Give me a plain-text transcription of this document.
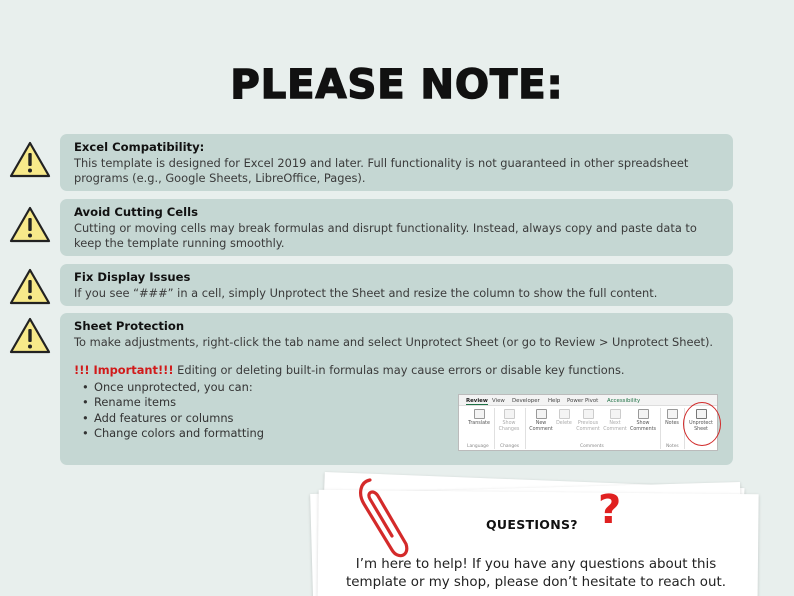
PLEASE NOTE:
Excel Compatibility:
This template is designed for Excel 2019 and later. Full functionality is not guaranteed in other spreadsheet programs (e.g., Google Sheets, LibreOffice, Pages).
Avoid Cutting Cells
Cutting or moving cells may break formulas and disrupt functionality. Instead, always copy and paste data to keep the template running smoothly.
Fix Display Issues
If you see “###” in a cell, simply Unprotect the Sheet and resize the column to show the full content.
Sheet Protection
To make adjustments, right-click the tab name and select Unprotect Sheet (or go to Review > Unprotect Sheet).
!!! Important!!! Editing or deleting built-in formulas may cause errors or disable key functions.
• Once unprotected, you can:
• Rename items
• Add features or columns
• Change colors and formatting
Review View Developer Help Power Pivot Accessibility
Translate	Show Changes
New Comment
Delete	Previous Comment
Next Comment
Show Comments
Notes	Unprotect Sheet
Language	Changes	Comments	Notes
QUESTIONS? ?
I’m here to help! If you have any questions about this template or my shop, please don’t hesitate to reach out.
